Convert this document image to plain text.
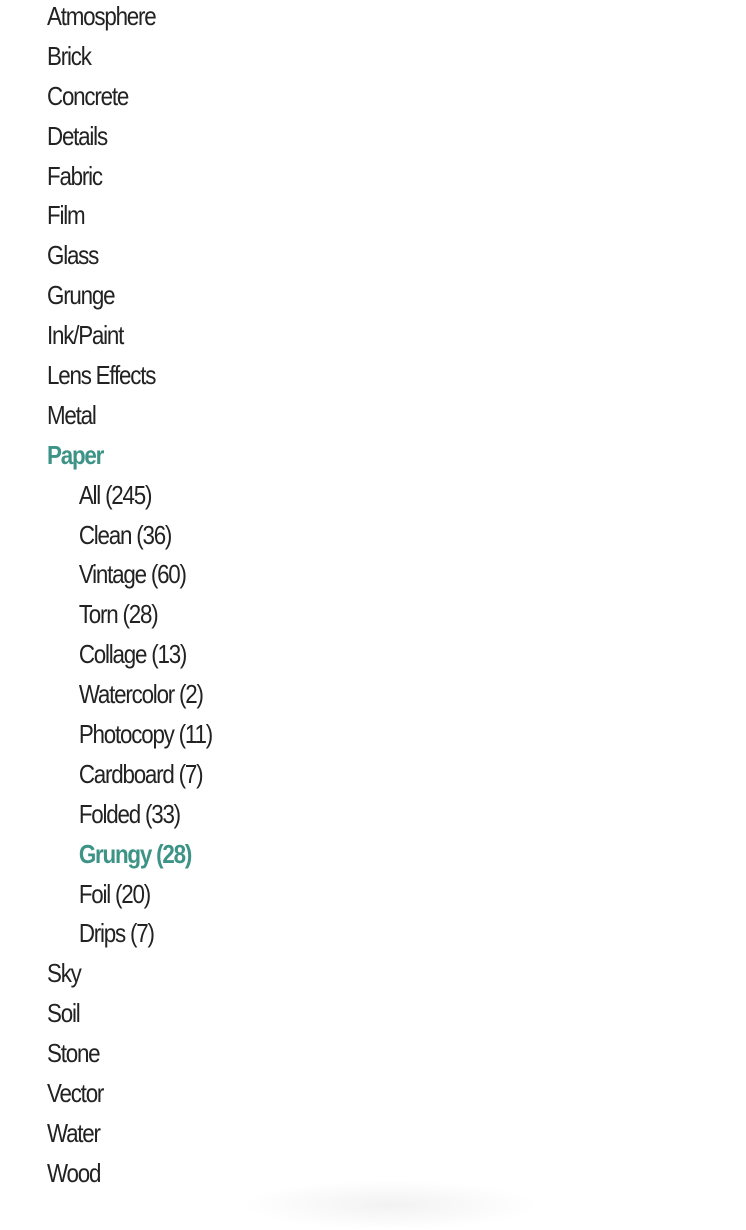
Atmosphere
Brick
Concrete
Details
Fabric
Film
Glass
Grunge
Ink/Paint
Lens Effects
Metal
Paper
All (245)
Clean (36)
Vintage (60)
Torn (28)
Collage (13)
Watercolor (2)
Photocopy (11)
Cardboard (7)
Folded (33)
Grungy (28)
Foil (20)
Drips (7)
Sky
Soil
Stone
Vector
Water
Wood
